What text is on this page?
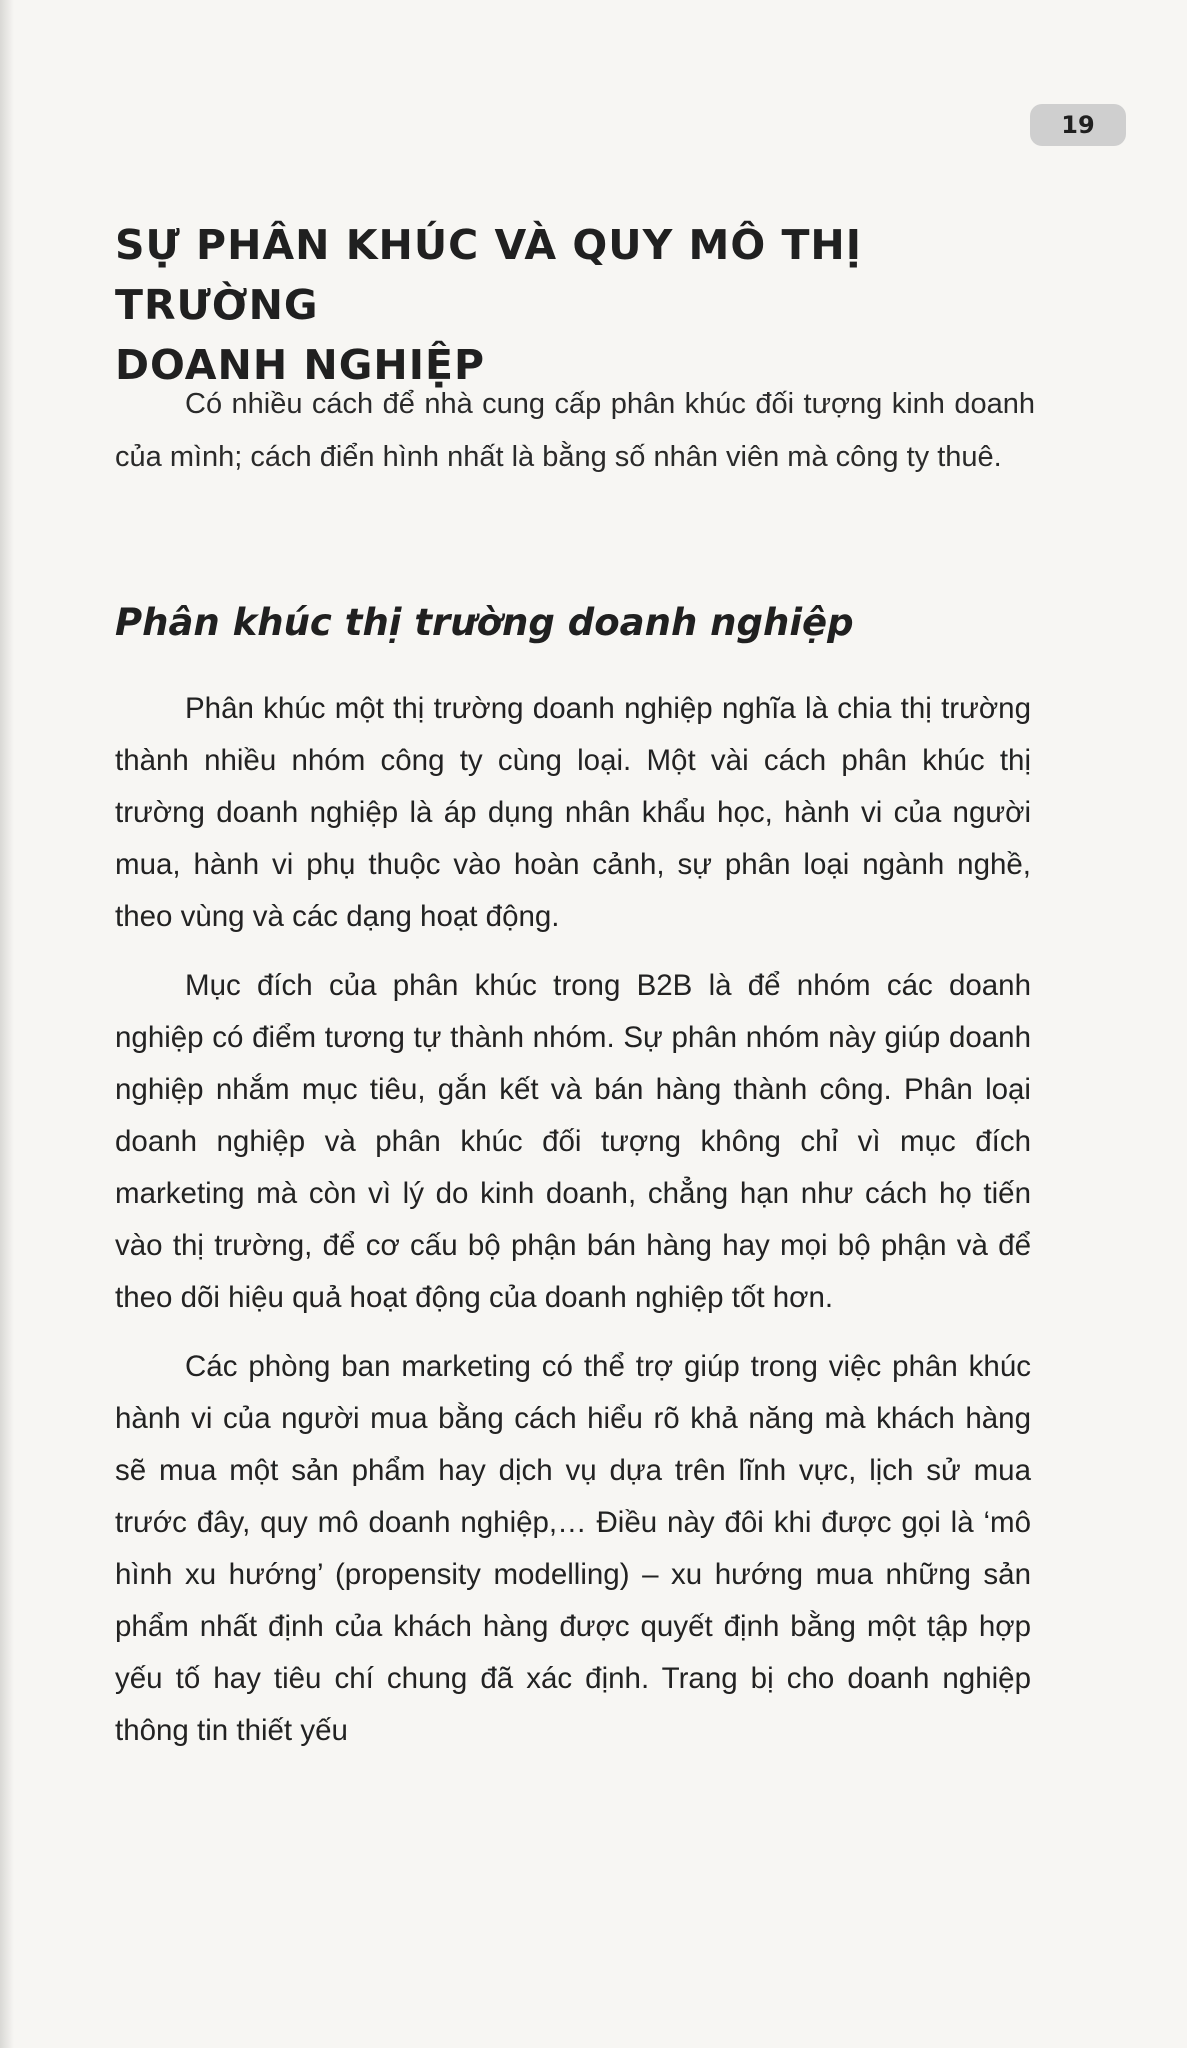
19
SỰ PHÂN KHÚC VÀ QUY MÔ THỊ TRƯỜNG
DOANH NGHIỆP

Có nhiều cách để nhà cung cấp phân khúc đối tượng kinh doanh của mình; cách điển hình nhất là bằng số nhân viên mà công ty thuê.

Phân khúc thị trường doanh nghiệp

Phân khúc một thị trường doanh nghiệp nghĩa là chia thị trường thành nhiều nhóm công ty cùng loại. Một vài cách phân khúc thị trường doanh nghiệp là áp dụng nhân khẩu học, hành vi của người mua, hành vi phụ thuộc vào hoàn cảnh, sự phân loại ngành nghề, theo vùng và các dạng hoạt động.

Mục đích của phân khúc trong B2B là để nhóm các doanh nghiệp có điểm tương tự thành nhóm. Sự phân nhóm này giúp doanh nghiệp nhắm mục tiêu, gắn kết và bán hàng thành công. Phân loại doanh nghiệp và phân khúc đối tượng không chỉ vì mục đích marketing mà còn vì lý do kinh doanh, chẳng hạn như cách họ tiến vào thị trường, để cơ cấu bộ phận bán hàng hay mọi bộ phận và để theo dõi hiệu quả hoạt động của doanh nghiệp tốt hơn.

Các phòng ban marketing có thể trợ giúp trong việc phân khúc hành vi của người mua bằng cách hiểu rõ khả năng mà khách hàng sẽ mua một sản phẩm hay dịch vụ dựa trên lĩnh vực, lịch sử mua trước đây, quy mô doanh nghiệp,… Điều này đôi khi được gọi là ‘mô hình xu hướng’ (propensity modelling) – xu hướng mua những sản phẩm nhất định của khách hàng được quyết định bằng một tập hợp yếu tố hay tiêu chí chung đã xác định. Trang bị cho doanh nghiệp thông tin thiết yếu
